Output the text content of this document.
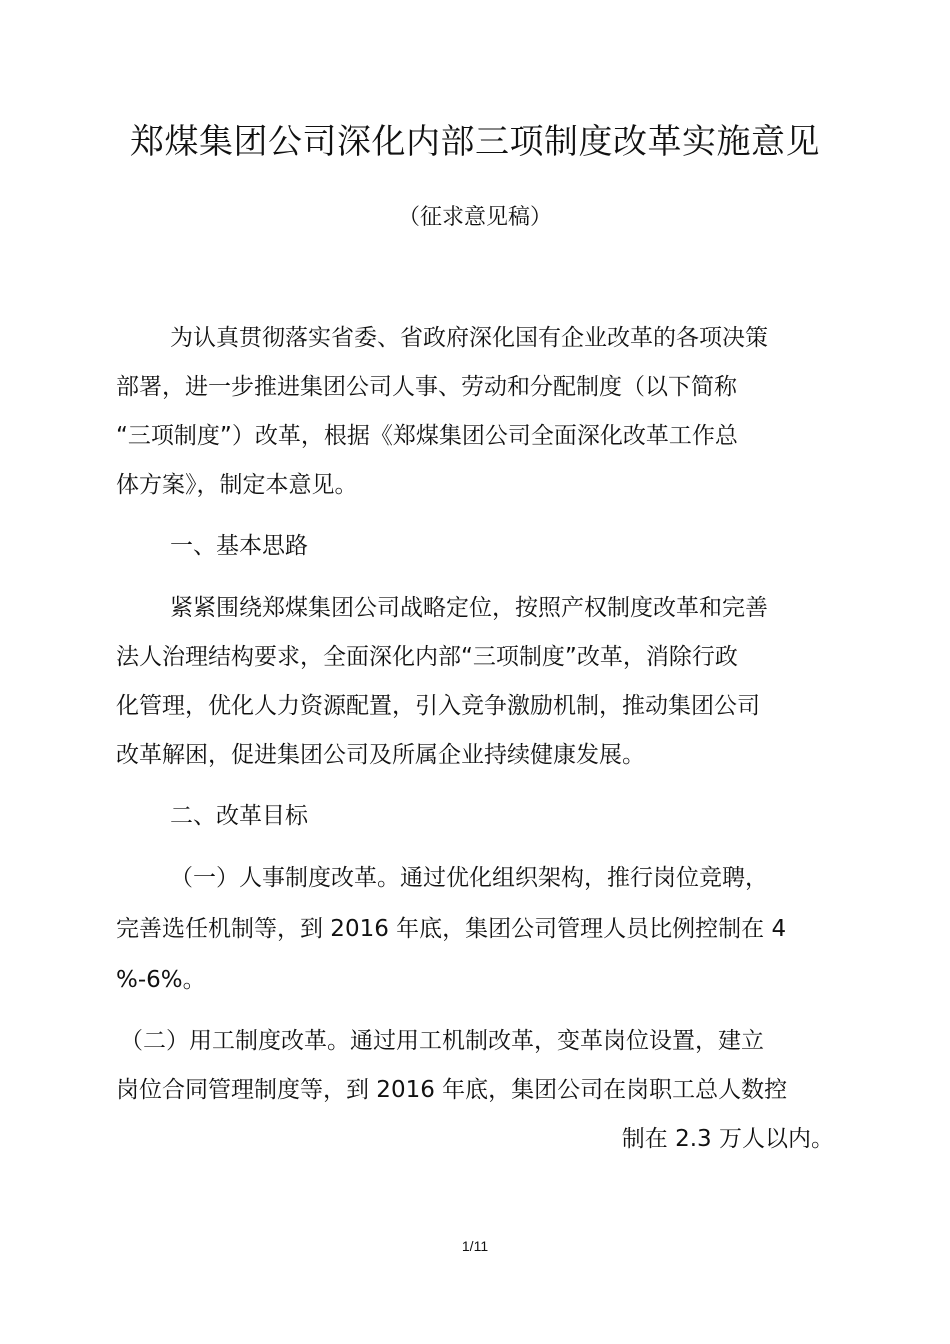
郑煤集团公司深化内部三项制度改革实施意见
（征求意见稿）
为认真贯彻落实省委、省政府深化国有企业改革的各项决策
部署，进一步推进集团公司人事、劳动和分配制度（以下简称
“三项制度”）改革，根据《郑煤集团公司全面深化改革工作总
体方案》，制定本意见。
一、基本思路
紧紧围绕郑煤集团公司战略定位，按照产权制度改革和完善
法人治理结构要求，全面深化内部“三项制度”改革，消除行政
化管理，优化人力资源配置，引入竞争激励机制，推动集团公司
改革解困，促进集团公司及所属企业持续健康发展。
二、改革目标
（一）人事制度改革。通过优化组织架构，推行岗位竞聘，
完善选任机制等，到 2016 年底，集团公司管理人员比例控制在 4
%-6%。
（二）用工制度改革。通过用工机制改革，变革岗位设置，建立
岗位合同管理制度等，到 2016 年底，集团公司在岗职工总人数控
制在 2.3 万人以内。
1/11
